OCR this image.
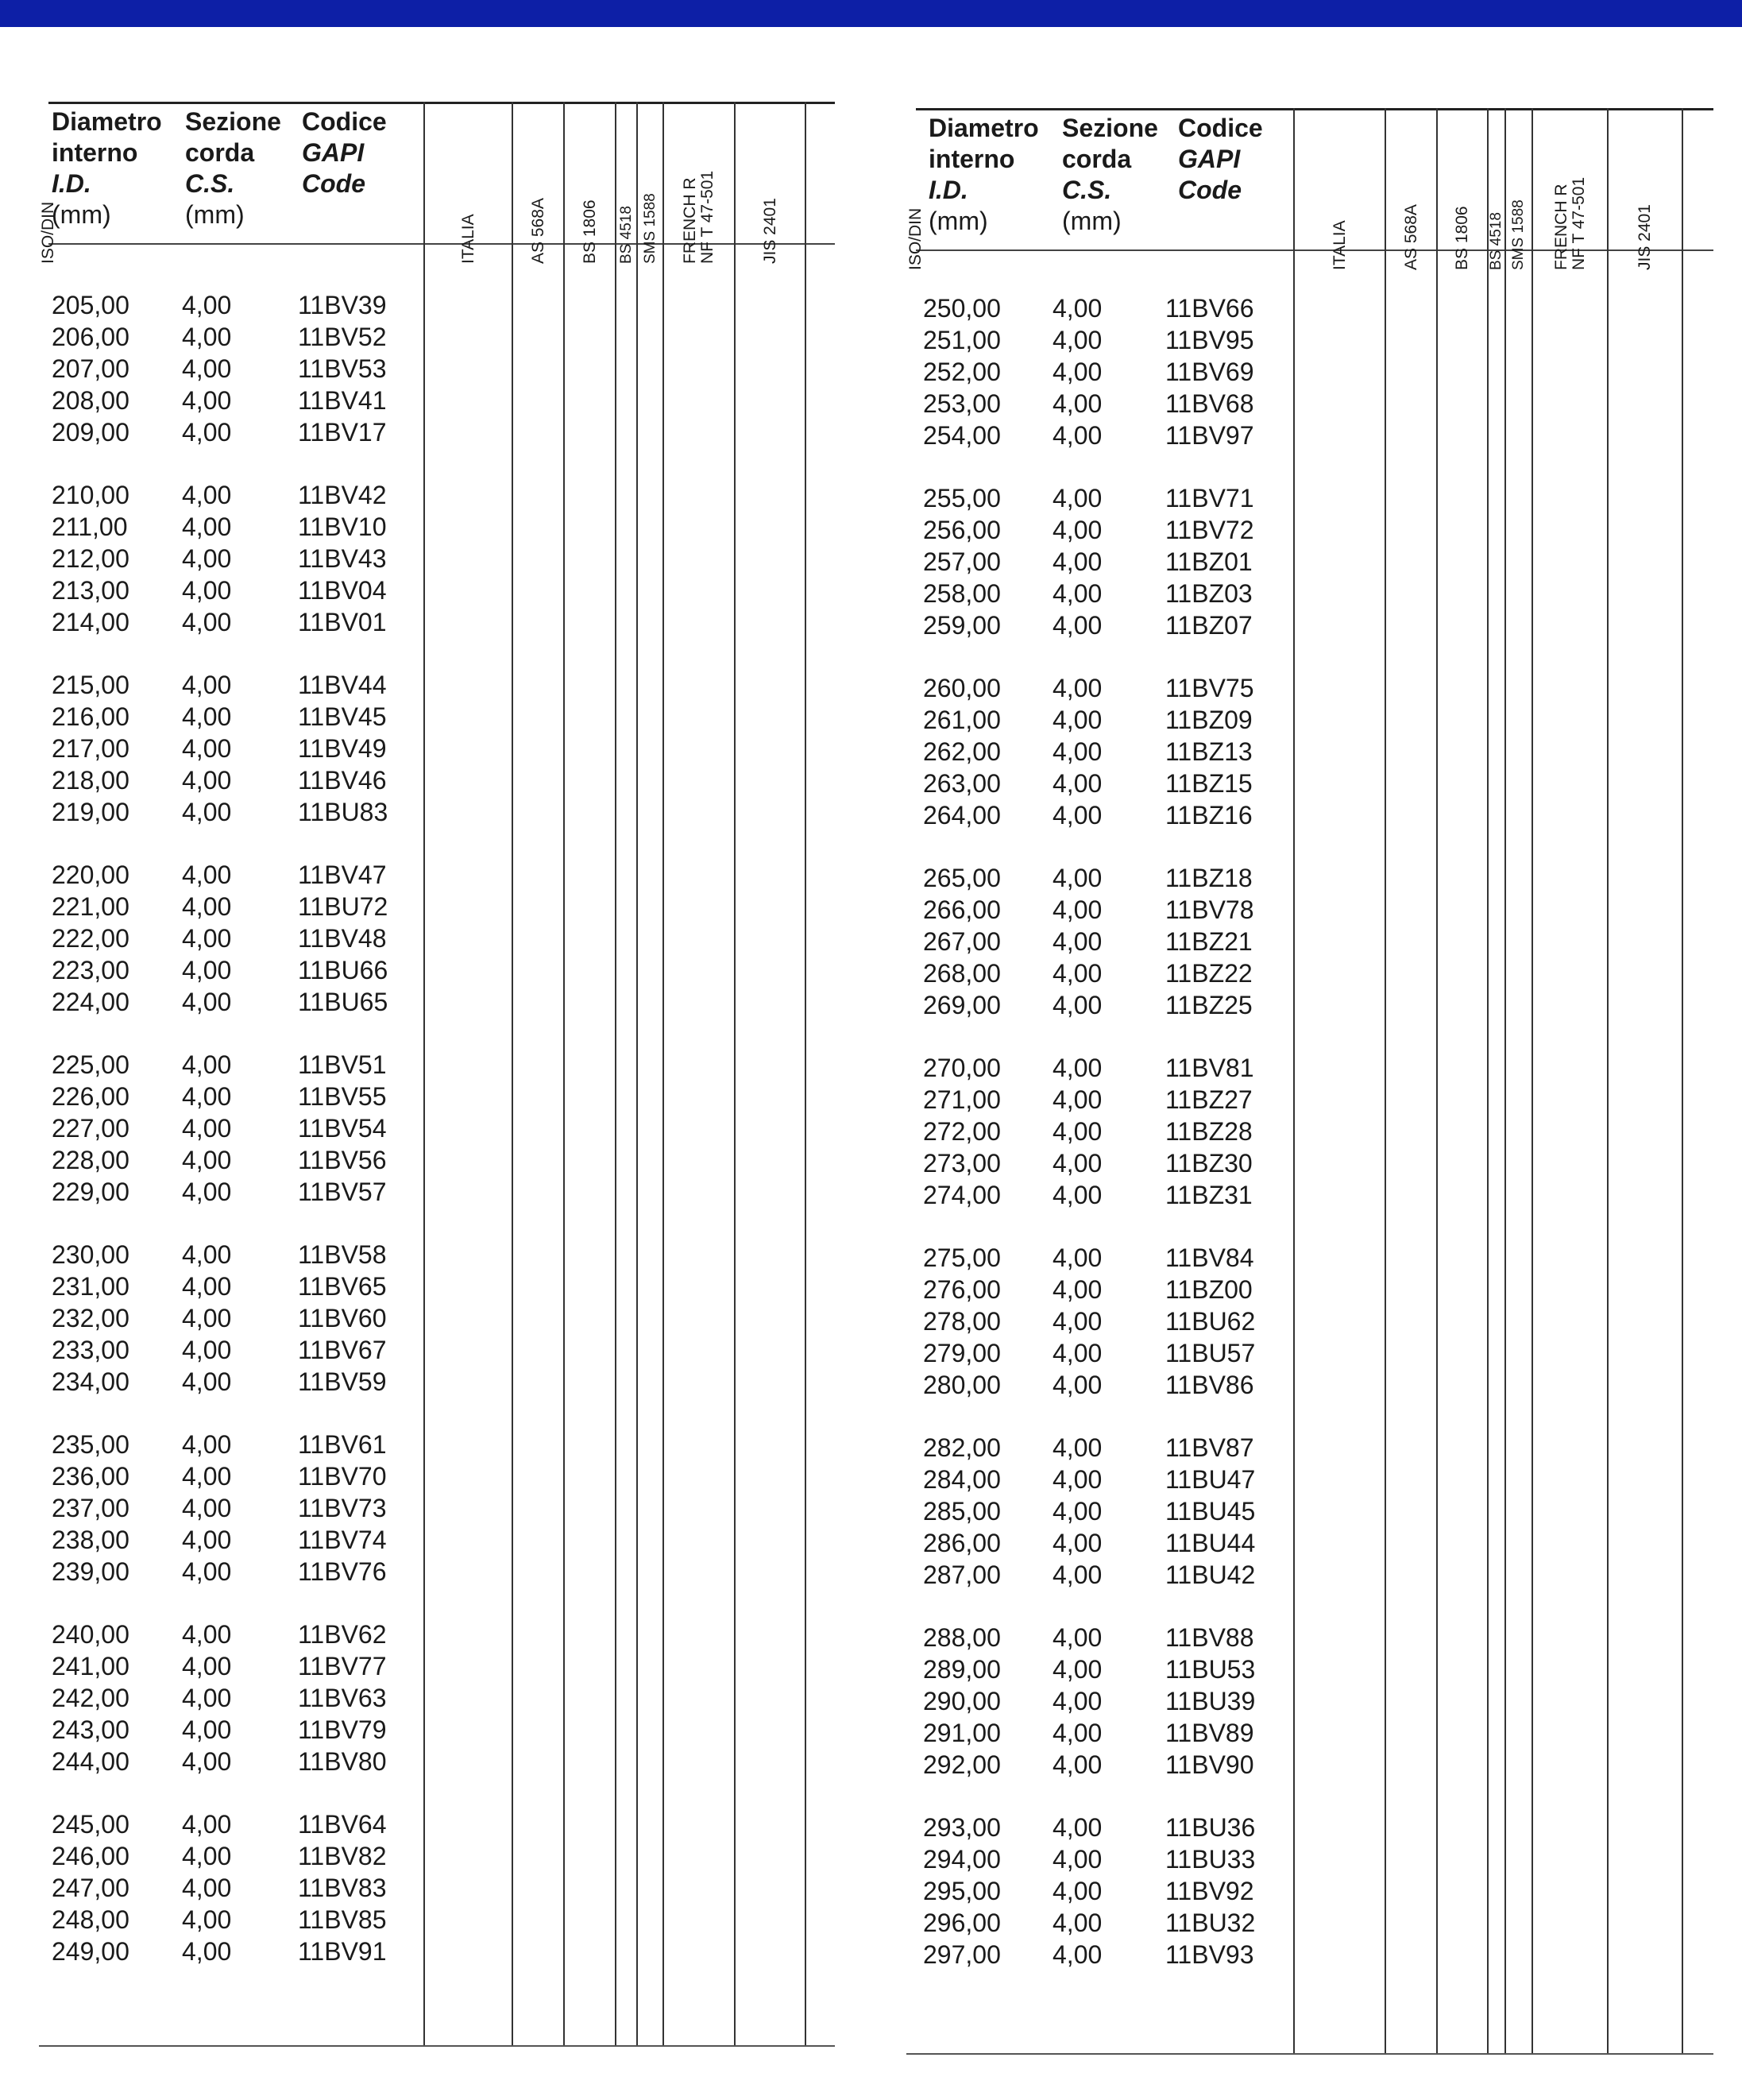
Diametro
interno
I.D.
(mm)
Sezione
corda
C.S.
(mm)
Codice
GAPI
Code
ITALIA	AS 568A BS 1806 BS 4518 SMS 1588 FRENCH R NF T 47-501	JIS 2401
ISO/DIN
205,00 4,00	11BV39
206,00 4,00	11BV52
207,00 4,00	11BV53
208,00 4,00	11BV41
209,00 4,00	11BV17
210,00 4,00	11BV42
211,00 4,00	11BV10
212,00 4,00	11BV43
213,00 4,00	11BV04
214,00 4,00	11BV01
215,00 4,00	11BV44
216,00 4,00	11BV45
217,00 4,00	11BV49
218,00 4,00	11BV46
219,00 4,00	11BU83
220,00 4,00	11BV47
221,00 4,00	11BU72
222,00 4,00	11BV48
223,00 4,00	11BU66
224,00 4,00	11BU65
225,00 4,00	11BV51
226,00 4,00	11BV55
227,00 4,00	11BV54
228,00 4,00	11BV56
229,00 4,00	11BV57
230,00 4,00	11BV58
231,00 4,00	11BV65
232,00 4,00	11BV60
233,00 4,00	11BV67
234,00 4,00	11BV59
235,00 4,00	11BV61
236,00 4,00	11BV70
237,00 4,00	11BV73
238,00 4,00	11BV74
239,00 4,00	11BV76
240,00 4,00	11BV62
241,00 4,00	11BV77
242,00 4,00	11BV63
243,00 4,00	11BV79
244,00 4,00	11BV80
245,00 4,00	11BV64
246,00 4,00	11BV82
247,00 4,00	11BV83
248,00 4,00	11BV85
249,00 4,00	11BV91
Diametro
interno
I.D.
(mm)
Sezione
corda
C.S.
(mm)
Codice
GAPI
Code
ITALIA	AS 568A BS 1806 BS 4518 SMS 1588 FRENCH R NF T 47-501	JIS 2401
ISO/DIN
250,00 4,00 11BV66
251,00 4,00 11BV95
252,00 4,00 11BV69
253,00 4,00 11BV68
254,00 4,00 11BV97
255,00 4,00 11BV71
256,00 4,00 11BV72
257,00 4,00 11BZ01
258,00 4,00 11BZ03
259,00 4,00 11BZ07
260,00 4,00 11BV75
261,00 4,00 11BZ09
262,00 4,00 11BZ13
263,00 4,00 11BZ15
264,00 4,00 11BZ16
265,00 4,00 11BZ18
266,00 4,00 11BV78
267,00 4,00 11BZ21
268,00 4,00 11BZ22
269,00 4,00 11BZ25
270,00 4,00 11BV81
271,00 4,00 11BZ27
272,00 4,00 11BZ28
273,00 4,00 11BZ30
274,00 4,00 11BZ31
275,00 4,00 11BV84
276,00 4,00 11BZ00
278,00 4,00 11BU62
279,00 4,00 11BU57
280,00 4,00 11BV86
282,00 4,00 11BV87
284,00 4,00 11BU47
285,00 4,00 11BU45
286,00 4,00 11BU44
287,00 4,00 11BU42
288,00 4,00 11BV88
289,00 4,00 11BU53
290,00 4,00 11BU39
291,00 4,00 11BV89
292,00 4,00 11BV90
293,00 4,00 11BU36
294,00 4,00 11BU33
295,00 4,00 11BV92
296,00 4,00 11BU32
297,00 4,00 11BV93
